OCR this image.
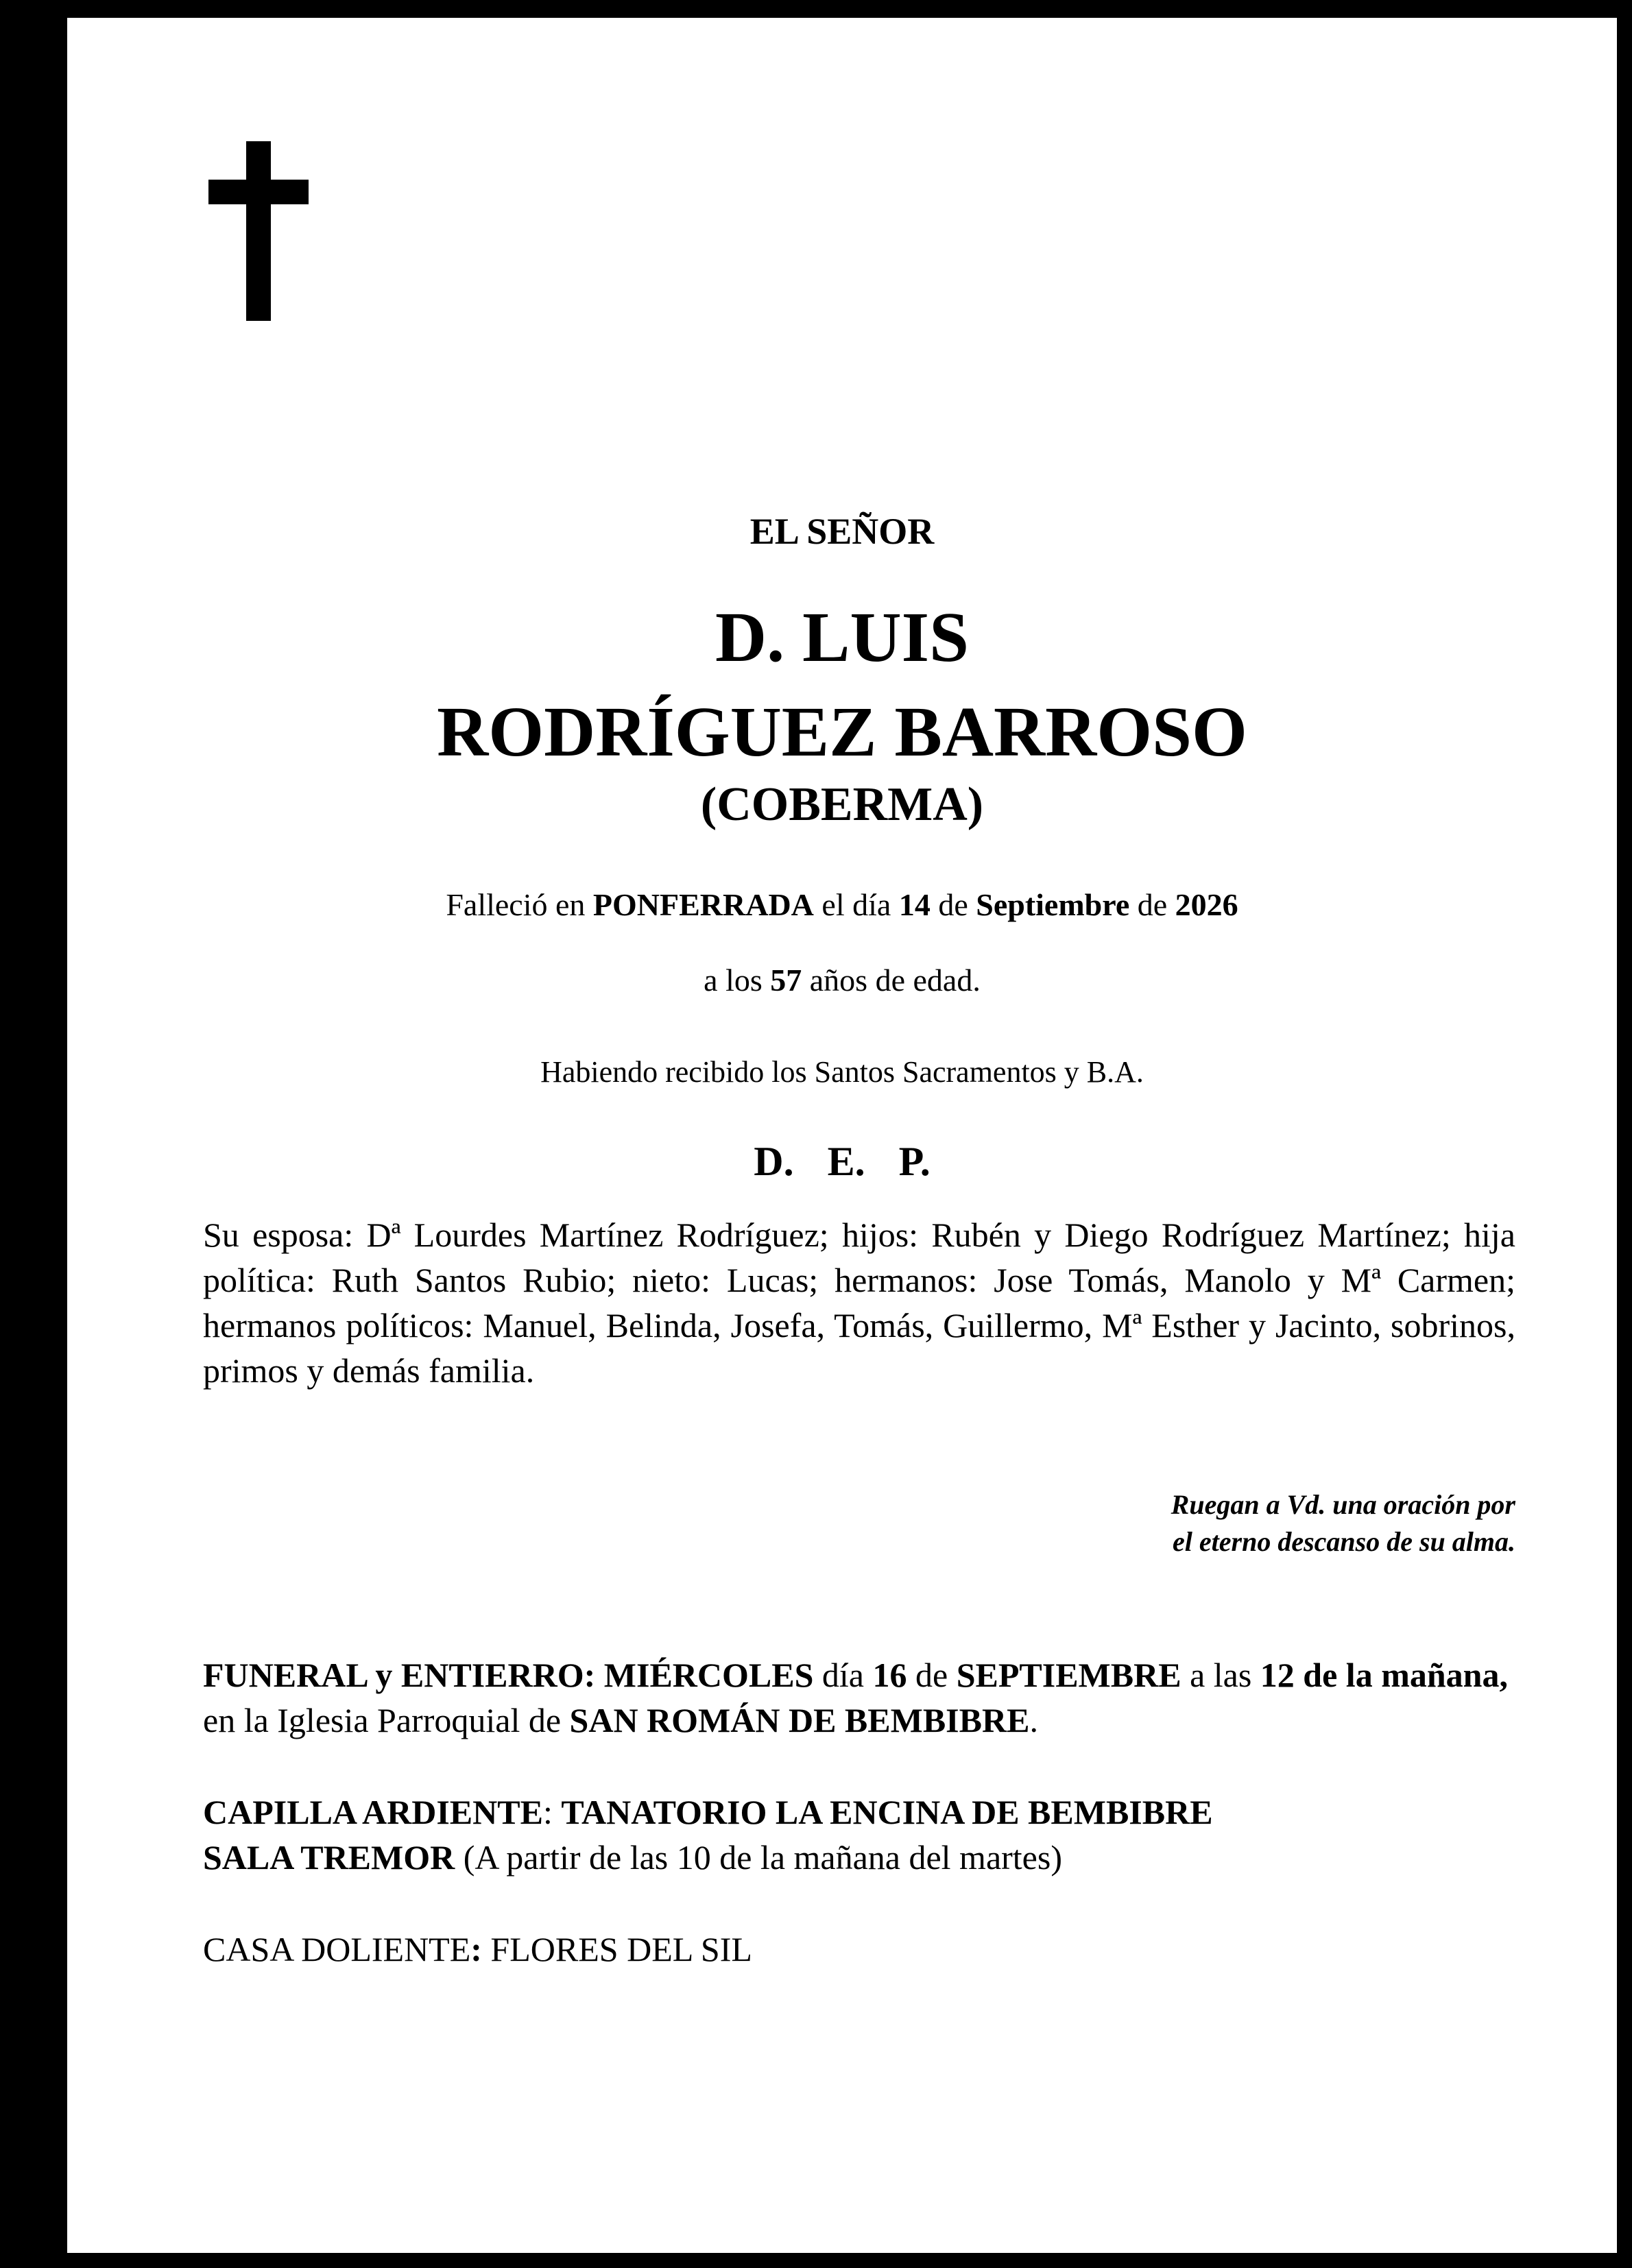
EL SEÑOR
D. LUIS
RODRÍGUEZ BARROSO
(COBERMA)
Falleció en PONFERRADA el día 14 de Septiembre de 2026
a los 57 años de edad.
Habiendo recibido los Santos Sacramentos y B.A.
D. E. P.
Su esposa: Dª Lourdes Martínez Rodríguez; hijos: Rubén y Diego Rodríguez Martínez; hija política: Ruth Santos Rubio; nieto: Lucas; hermanos: Jose Tomás, Manolo y Mª Carmen; hermanos políticos: Manuel, Belinda, Josefa, Tomás, Guillermo, Mª Esther y Jacinto, sobrinos, primos y demás familia.
Ruegan a Vd. una oración por
el eterno descanso de su alma.
FUNERAL y ENTIERRO: MIÉRCOLES día 16 de SEPTIEMBRE a las 12 de la mañana, en la Iglesia Parroquial de SAN ROMÁN DE BEMBIBRE.
CAPILLA ARDIENTE: TANATORIO LA ENCINA DE BEMBIBRE
SALA TREMOR (A partir de las 10 de la mañana del martes)
CASA DOLIENTE: FLORES DEL SIL
